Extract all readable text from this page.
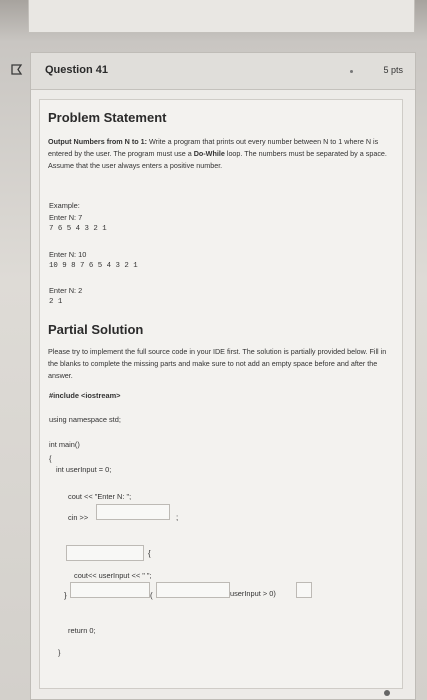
Question 41	5 pts
Problem Statement
Output Numbers from N to 1: Write a program that prints out every number between N to 1 where N is entered by the user. The program must use a Do-While loop. The numbers must be separated by a space. Assume that the user always enters a positive number.
Example:
Enter N: 7
7 6 5 4 3 2 1
Enter N: 10
10 9 8 7 6 5 4 3 2 1
Enter N: 2
2 1
Partial Solution
Please try to implement the full source code in your IDE first. The solution is partially provided below. Fill in the blanks to complete the missing parts and make sure to not add an empty space before and after the answer.
#include <iostream>
using namespace std;
int main()
{
int userInput = 0;
cout << "Enter N: ";
cin >>	;
{
cout<< userInput << " ";
}	(	userInput > 0)
return 0;
}
